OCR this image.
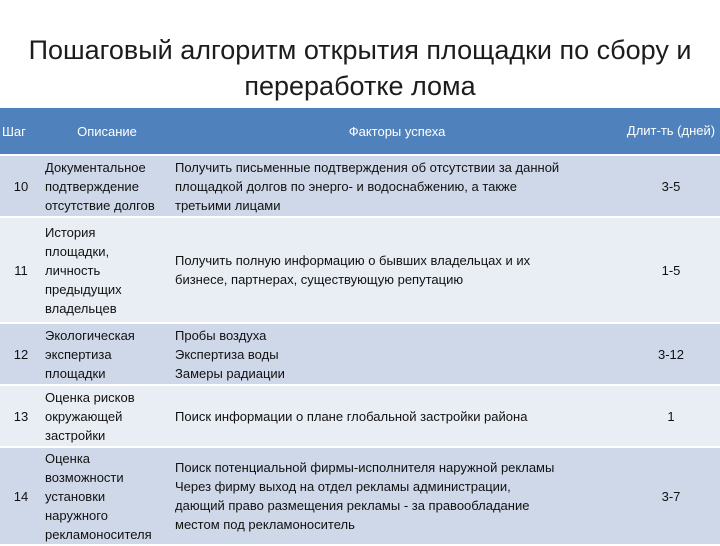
Пошаговый алгоритм открытия площадки по сбору и переработке лома
Шаг	Описание	Факторы успеха	Длит-ть (дней)
10	Документальное
подтверждение
отсутствие долгов	Получить письменные подтверждения об отсутствии за данной
площадкой долгов по энерго- и водоснабжению, а также
третьими лицами	3-5
11	История
площадки,
личность
предыдущих
владельцев	Получить полную информацию о бывших владельцах и их
бизнесе, партнерах, существующую репутацию	1-5
12	Экологическая
экспертиза
площадки	Пробы воздуха
Экспертиза воды
Замеры радиации	3-12
13	Оценка рисков
окружающей
застройки	Поиск информации о плане глобальной застройки района	1
14	Оценка
возможности
установки
наружного
рекламоносителя	Поиск потенциальной фирмы-исполнителя наружной рекламы
Через фирму выход на отдел рекламы администрации,
дающий право размещения рекламы - за правообладание
местом под рекламоноситель	3-7
